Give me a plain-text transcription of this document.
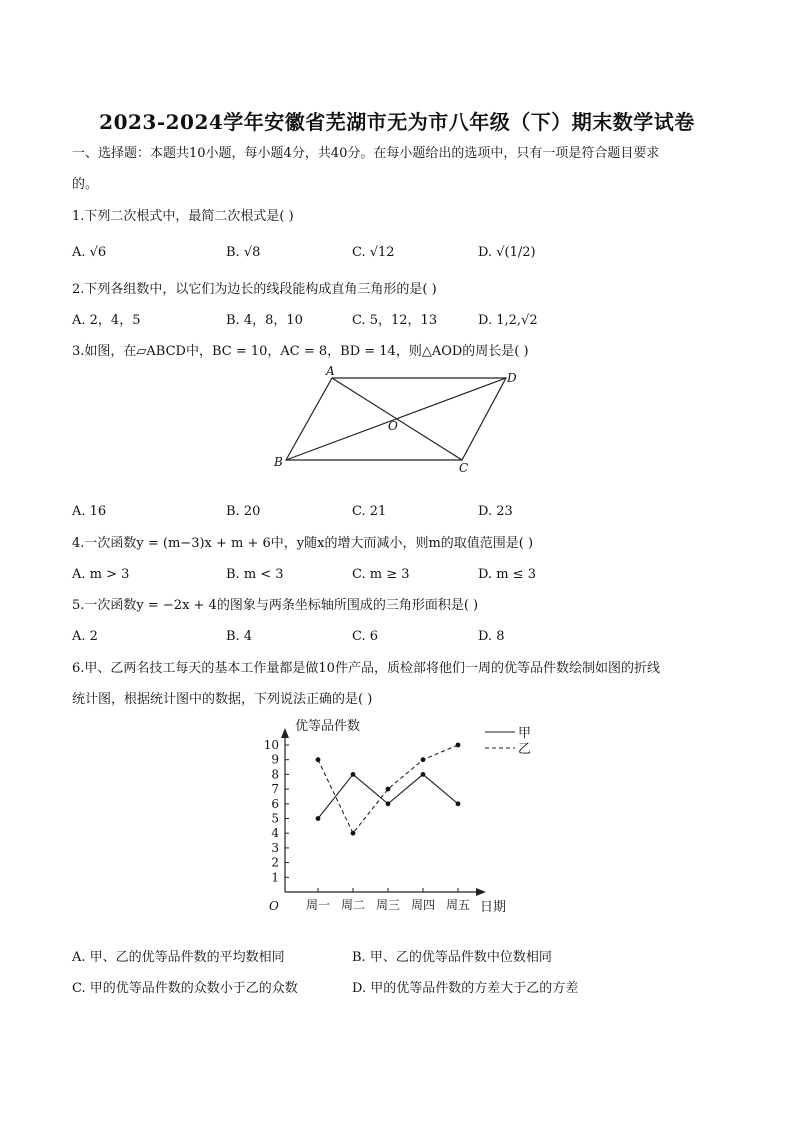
2023-2024学年安徽省芜湖市无为市八年级（下）期末数学试卷
一、选择题：本题共10小题，每小题4分，共40分。在每小题给出的选项中，只有一项是符合题目要求
的。
1.下列二次根式中，最简二次根式是( )
A. √6	B. √8	C. √12	D. √(1/2)
2.下列各组数中，以它们为边长的线段能构成直角三角形的是( )
A. 2，4，5	B. 4，8，10	C. 5，12，13	D. 1,2,√2
3.如图，在▱ABCD中，BC = 10，AC = 8，BD = 14，则△AOD的周长是( )
A	D
B	C
O
A. 16	B. 20	C. 21	D. 23
4.一次函数y = (m−3)x + m + 6中，y随x的增大而减小，则m的取值范围是( )
A. m > 3	B. m < 3	C. m ≥ 3	D. m ≤ 3
5.一次函数y = −2x + 4的图象与两条坐标轴所围成的三角形面积是( )
A. 2	B. 4	C. 6	D. 8
6.甲、乙两名技工每天的基本工作量都是做10件产品，质检部将他们一周的优等品件数绘制如图的折线
统计图，根据统计图中的数据，下列说法正确的是( )
1
2
3
4
5
6
7
8
9
10
周一 周二 周三 周四 周五
优等品件数
日期
O
甲
乙
A. 甲、乙的优等品件数的平均数相同	B. 甲、乙的优等品件数中位数相同
C. 甲的优等品件数的众数小于乙的众数	D. 甲的优等品件数的方差大于乙的方差
